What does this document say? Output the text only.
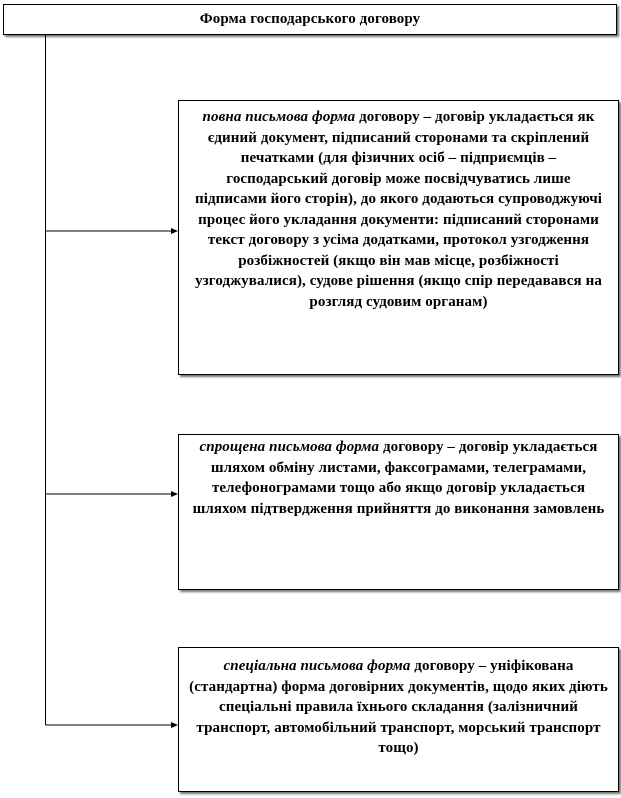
Форма господарського договору
повна письмова форма договору – договір укладається як єдиний документ, підписаний сторонами та скріплений печатками (для фізичних осіб – підприємців – господарський договір може посвідчуватись лише підписами його сторін), до якого додаються супроводжуючі процес його укладання документи: підписаний сторонами текст договору з усіма додатками, протокол узгодження розбіжностей (якщо він мав місце, розбіжності узгоджувалися), судове рішення (якщо спір передавався на розгляд судовим органам)
спрощена письмова форма договору – договір укладається шляхом обміну листами, факсограмами, телеграмами, телефонограмами тощо або якщо договір укладається шляхом підтвердження прийняття до виконання замовлень
спеціальна письмова форма договору – уніфікована (стандартна) форма договірних документів, щодо яких діють спеціальні правила їхнього складання (залізничний транспорт, автомобільний транспорт, морський транспорт тощо)
